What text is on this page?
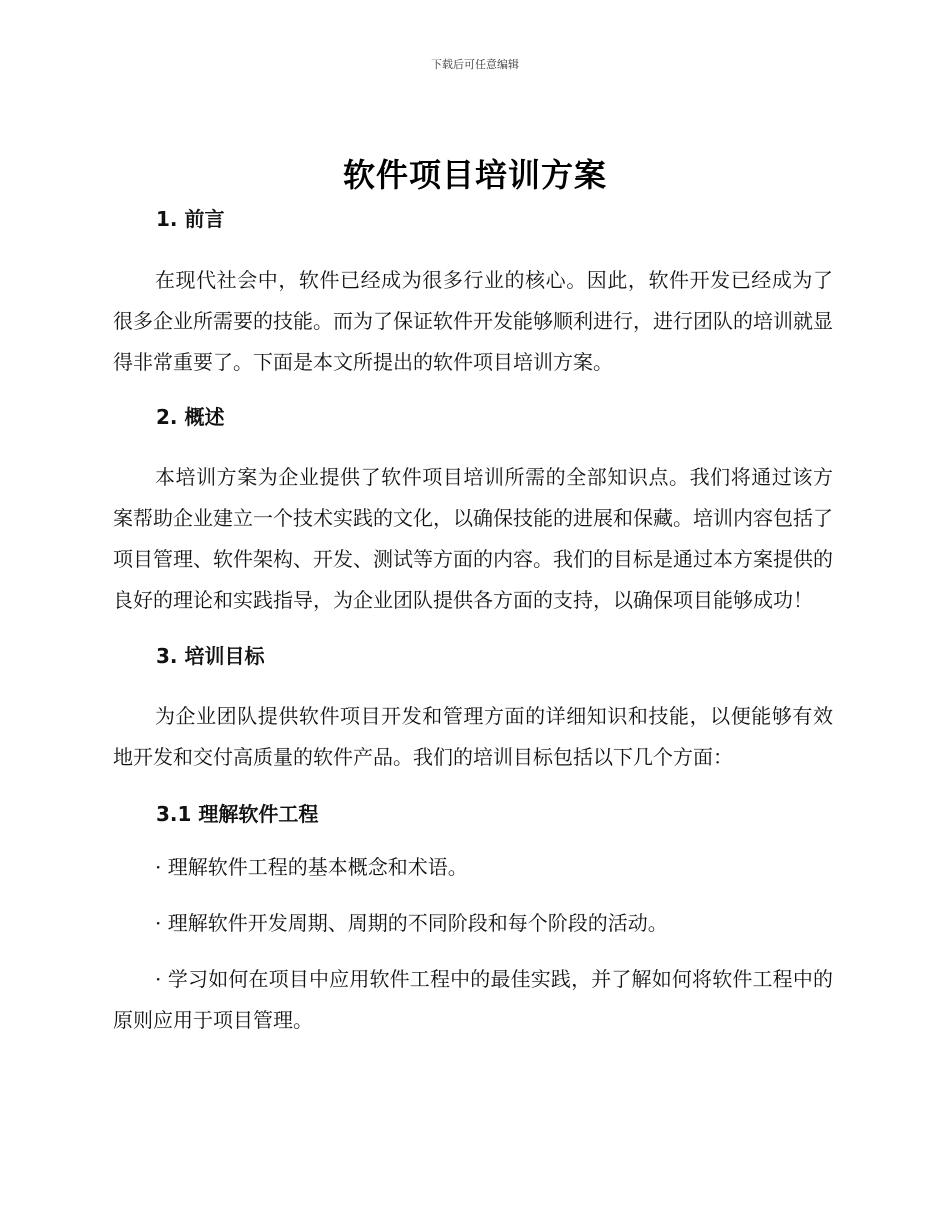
下载后可任意编辑
软件项目培训方案
1. 前言

在现代社会中，软件已经成为很多行业的核心。因此，软件开发已经成为了很多企业所需要的技能。而为了保证软件开发能够顺利进行，进行团队的培训就显得非常重要了。下面是本文所提出的软件项目培训方案。

2. 概述

本培训方案为企业提供了软件项目培训所需的全部知识点。我们将通过该方案帮助企业建立一个技术实践的文化，以确保技能的进展和保藏。培训内容包括了项目管理、软件架构、开发、测试等方面的内容。我们的目标是通过本方案提供的良好的理论和实践指导，为企业团队提供各方面的支持，以确保项目能够成功！

3. 培训目标

为企业团队提供软件项目开发和管理方面的详细知识和技能，以便能够有效地开发和交付高质量的软件产品。我们的培训目标包括以下几个方面：

3.1 理解软件工程

· 理解软件工程的基本概念和术语。

· 理解软件开发周期、周期的不同阶段和每个阶段的活动。

· 学习如何在项目中应用软件工程中的最佳实践，并了解如何将软件工程中的原则应用于项目管理。
